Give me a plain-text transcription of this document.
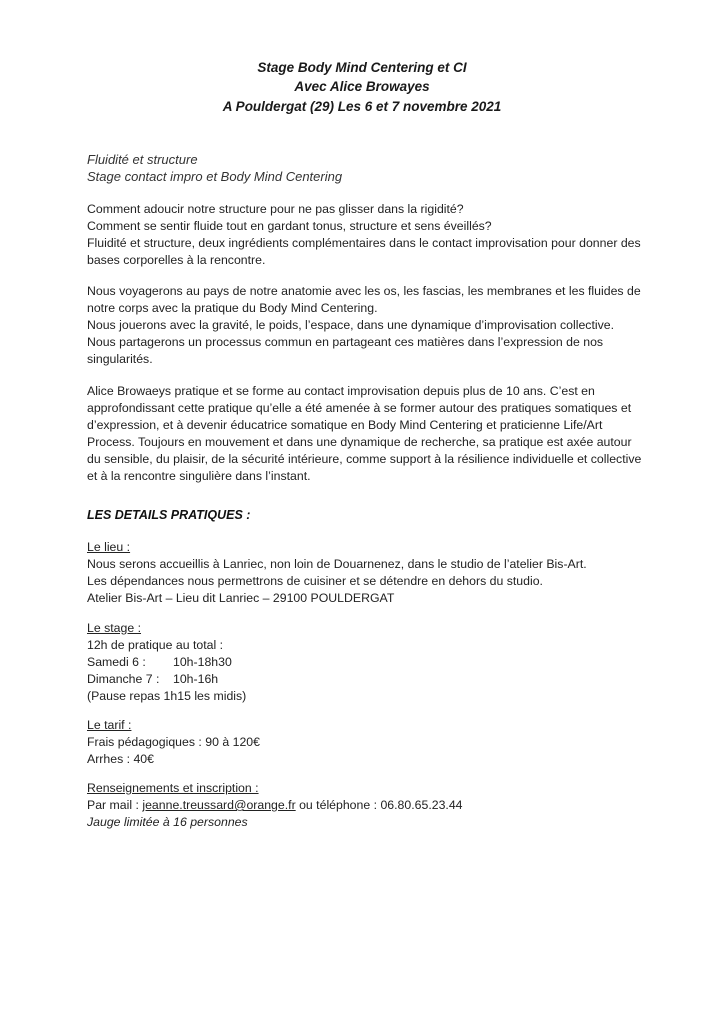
Stage Body Mind Centering et CI
Avec Alice Browayes
A Pouldergat (29) Les 6 et 7 novembre 2021
Fluidité et structure
Stage contact impro et Body Mind Centering
Comment adoucir notre structure pour ne pas glisser dans la rigidité?
Comment se sentir fluide tout en gardant tonus, structure et sens éveillés?
Fluidité et structure, deux ingrédients complémentaires dans le contact improvisation pour donner des
bases corporelles à la rencontre.
Nous voyagerons au pays de notre anatomie avec les os, les fascias, les membranes et les fluides de
notre corps avec la pratique du Body Mind Centering.
Nous jouerons avec la gravité, le poids, l’espace, dans une dynamique d’improvisation collective.
Nous partagerons un processus commun en partageant ces matières dans l’expression de nos
singularités.
Alice Browaeys pratique et se forme au contact improvisation depuis plus de 10 ans. C’est en
approfondissant cette pratique qu’elle a été amenée à se former autour des pratiques somatiques et
d’expression, et à devenir éducatrice somatique en Body Mind Centering et praticienne Life/Art
Process. Toujours en mouvement et dans une dynamique de recherche, sa pratique est axée autour
du sensible, du plaisir, de la sécurité intérieure, comme support à la résilience individuelle et collective
et à la rencontre singulière dans l’instant.
LES DETAILS PRATIQUES :
Le lieu :
Nous serons accueillis à Lanriec, non loin de Douarnenez, dans le studio de l’atelier Bis-Art.
Les dépendances nous permettrons de cuisiner et se détendre en dehors du studio.
Atelier Bis-Art – Lieu dit Lanriec – 29100 POULDERGAT
Le stage :
12h de pratique au total :
Samedi 6 : 10h-18h30
Dimanche 7 : 10h-16h
(Pause repas 1h15 les midis)
Le tarif :
Frais pédagogiques : 90 à 120€
Arrhes : 40€
Renseignements et inscription :
Par mail : jeanne.treussard@orange.fr ou téléphone : 06.80.65.23.44
Jauge limitée à 16 personnes
